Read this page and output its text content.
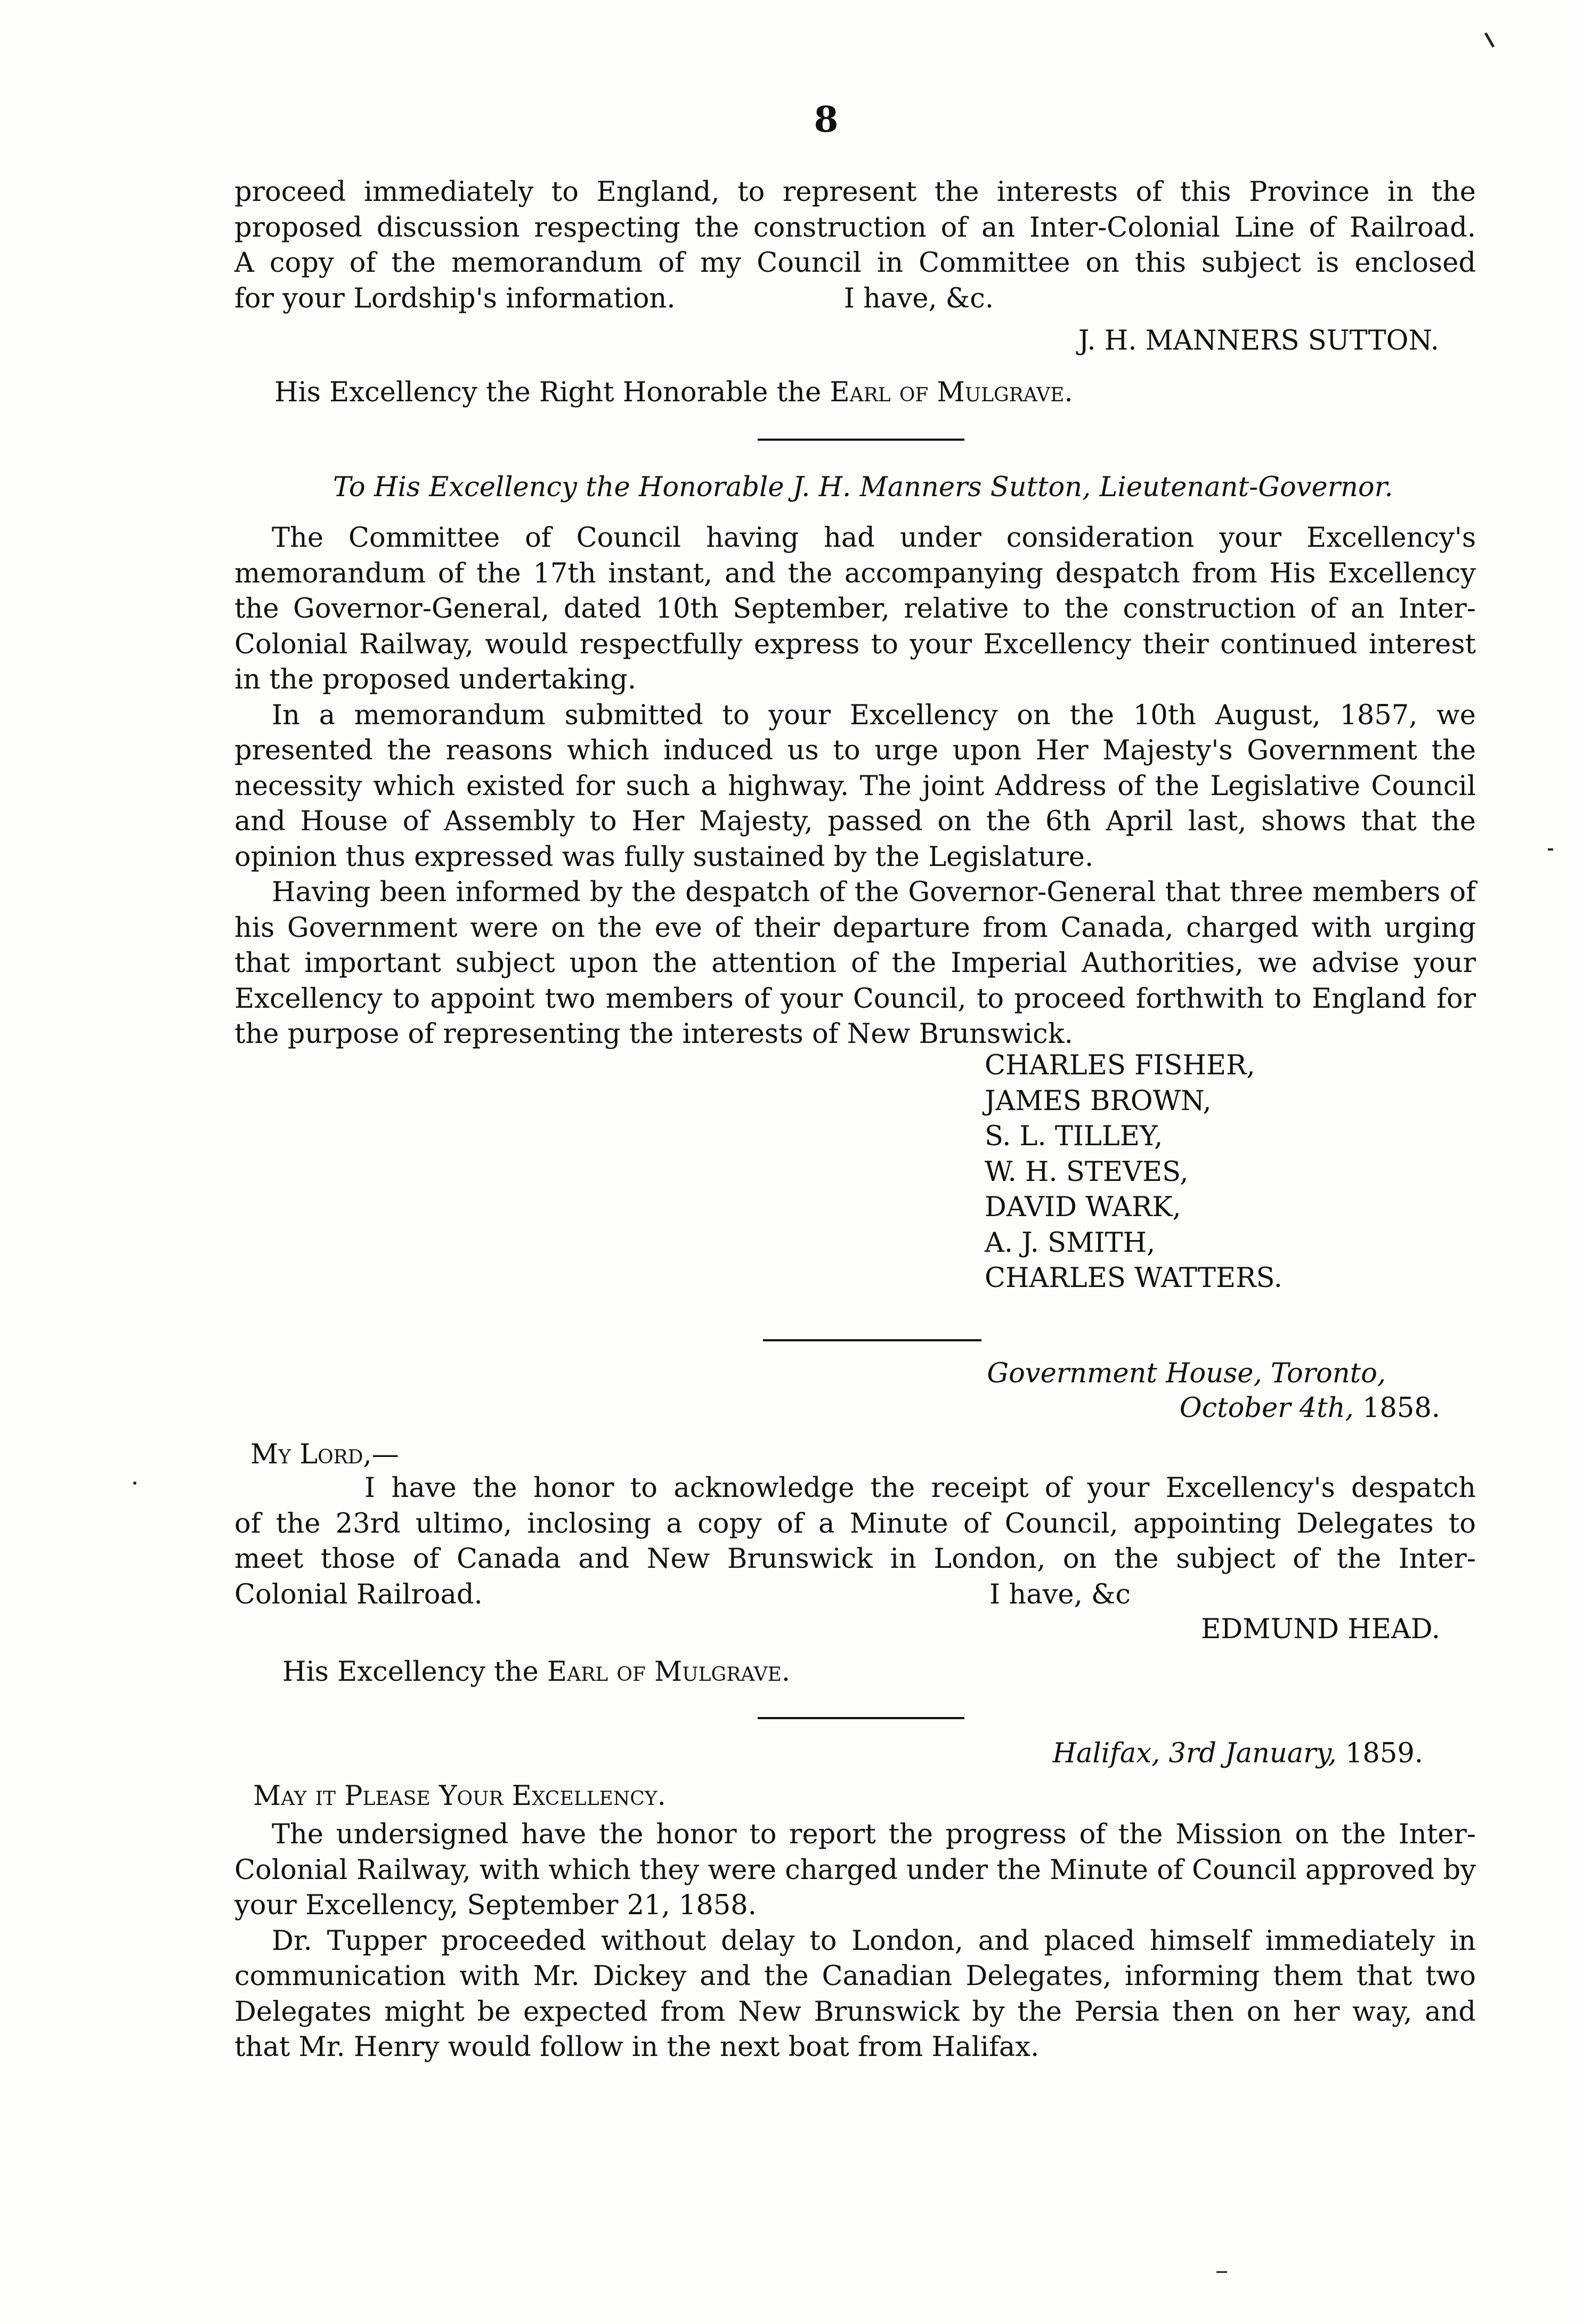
8

proceed immediately to England, to represent the interests of this Province in the

proposed discussion respecting the construction of an Inter-Colonial Line of Railroad.

A copy of the memorandum of my Council in Committee on this subject is enclosed

for your Lordship's information.	I have, &c.

J. H. MANNERS SUTTON.
His Excellency the Right Honorable the Earl of Mulgrave.
To His Excellency the Honorable J. H. Manners Sutton, Lieutenant-Governor.

The Committee of Council having had under consideration your Excellency's memorandum of the 17th instant, and the accompanying despatch from His Excellency the Governor-General, dated 10th September, relative to the construction of an Inter-Colonial Railway, would respectfully express to your Excellency their continued interest in the proposed undertaking.

In a memorandum submitted to your Excellency on the 10th August, 1857, we presented the reasons which induced us to urge upon Her Majesty's Government the necessity which existed for such a highway. The joint Address of the Legislative Council and House of Assembly to Her Majesty, passed on the 6th April last, shows that the opinion thus expressed was fully sustained by the Legislature.

Having been informed by the despatch of the Governor-General that three members of his Government were on the eve of their departure from Canada, charged with urging that important subject upon the attention of the Imperial Authorities, we advise your Excellency to appoint two members of your Council, to proceed forthwith to England for the purpose of representing the interests of New Brunswick.

CHARLES FISHER,
JAMES BROWN,
S. L. TILLEY,
W. H. STEVES,
DAVID WARK,
A. J. SMITH,
CHARLES WATTERS.
Government House, Toronto,
October 4th, 1858.
My Lord,—

I have the honor to acknowledge the receipt of your Excellency's despatch

of the 23rd ultimo, inclosing a copy of a Minute of Council, appointing Delegates to

meet those of Canada and New Brunswick in London, on the subject of the Inter-

Colonial Railroad.	I have, &c

EDMUND HEAD.
His Excellency the Earl of Mulgrave.
Halifax, 3rd January, 1859.
May it Please Your Excellency.

The undersigned have the honor to report the progress of the Mission on the Inter-Colonial Railway, with which they were charged under the Minute of Council approved by your Excellency, September 21, 1858.

Dr. Tupper proceeded without delay to London, and placed himself immediately in communication with Mr. Dickey and the Canadian Delegates, informing them that two Delegates might be expected from New Brunswick by the Persia then on her way, and that Mr. Henry would follow in the next boat from Halifax.
